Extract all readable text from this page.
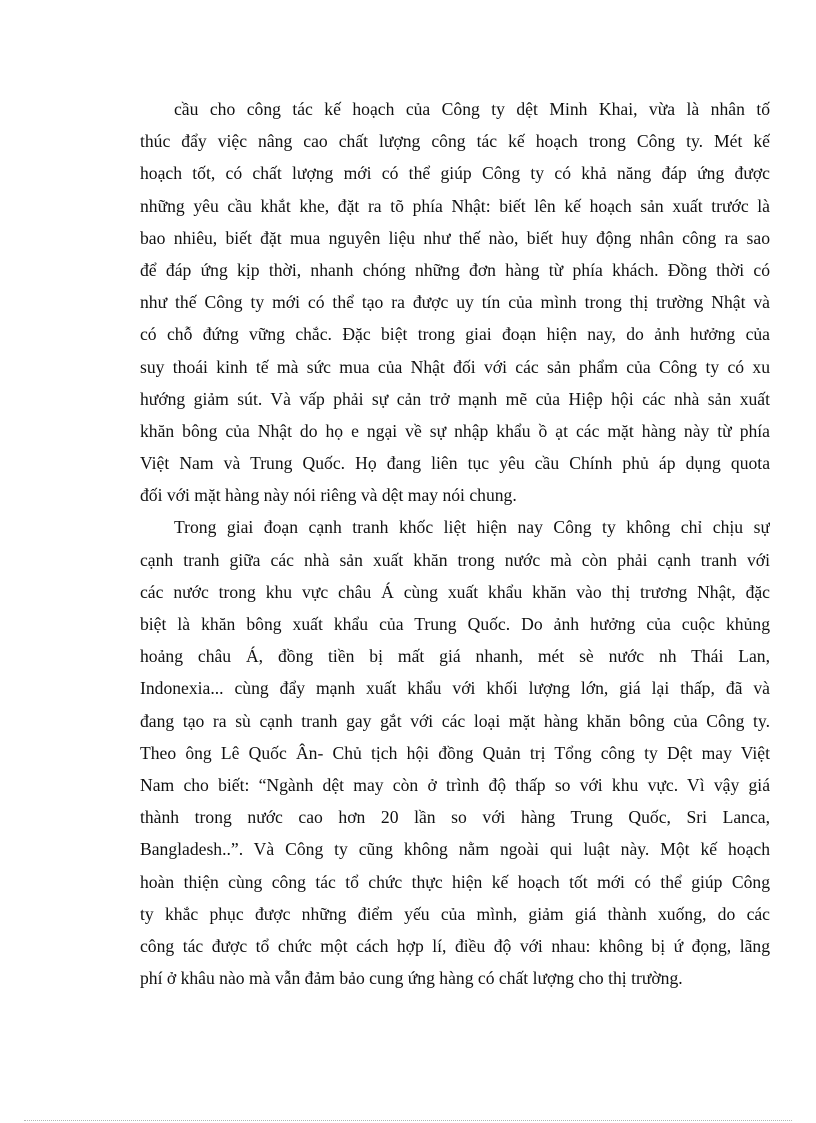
cầu cho công tác kế hoạch của Công ty dệt Minh Khai, vừa là nhân tố
thúc đẩy việc nâng cao chất lượng công tác kế hoạch trong Công ty. Mét kế
hoạch tốt, có chất lượng mới có thể giúp Công ty có khả năng đáp ứng được
những yêu cầu khắt khe, đặt ra tõ phía Nhật: biết lên kế hoạch sản xuất trước là
bao nhiêu, biết đặt mua nguyên liệu như thế nào, biết huy động nhân công ra sao
để đáp ứng kịp thời, nhanh chóng những đơn hàng từ phía khách. Đồng thời có
như thế Công ty mới có thể tạo ra được uy tín của mình trong thị trường Nhật và
có chỗ đứng vững chắc. Đặc biệt trong giai đoạn hiện nay, do ảnh hưởng của
suy thoái kinh tế mà sức mua của Nhật đối với các sản phẩm của Công ty có xu
hướng giảm sút. Và vấp phải sự cản trở mạnh mẽ của Hiệp hội các nhà sản xuất
khăn bông của Nhật do họ e ngại về sự nhập khẩu ồ ạt các mặt hàng này từ phía
Việt Nam và Trung Quốc. Họ đang liên tục yêu cầu Chính phủ áp dụng quota
đối với mặt hàng này nói riêng và dệt may nói chung.

Trong giai đoạn cạnh tranh khốc liệt hiện nay Công ty không chỉ chịu sự
cạnh tranh giữa các nhà sản xuất khăn trong nước mà còn phải cạnh tranh với
các nước trong khu vực châu Á cùng xuất khẩu khăn vào thị trương Nhật, đặc
biệt là khăn bông xuất khẩu của Trung Quốc. Do ảnh hưởng của cuộc khủng
hoảng châu Á, đồng tiền bị mất giá nhanh, mét sè nước nh Thái Lan,
Indonexia... cùng đẩy mạnh xuất khẩu với khối lượng lớn, giá lại thấp, đã và
đang tạo ra sù cạnh tranh gay gắt với các loại mặt hàng khăn bông của Công ty.
Theo ông Lê Quốc Ân- Chủ tịch hội đồng Quản trị Tổng công ty Dệt may Việt
Nam cho biết: “Ngành dệt may còn ở trình độ thấp so với khu vực. Vì vậy giá
thành trong nước cao hơn 20 lần so với hàng Trung Quốc, Sri Lanca,
Bangladesh..”. Và Công ty cũng không nằm ngoài qui luật này. Một kế hoạch
hoàn thiện cùng công tác tổ chức thực hiện kế hoạch tốt mới có thể giúp Công
ty khắc phục được những điểm yếu của mình, giảm giá thành xuống, do các
công tác được tổ chức một cách hợp lí, điều độ với nhau: không bị ứ đọng, lãng
phí ở khâu nào mà vẫn đảm bảo cung ứng hàng có chất lượng cho thị trường.
